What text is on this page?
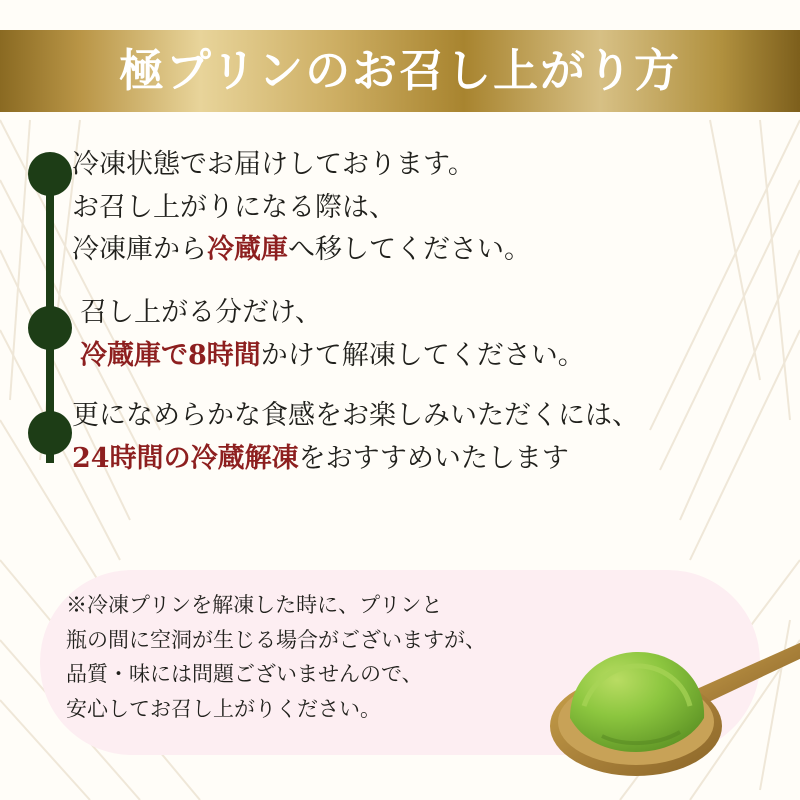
極プリンのお召し上がり方
冷凍状態でお届けしております。
お召し上がりになる際は、
冷凍庫から冷蔵庫へ移してください。
召し上がる分だけ、
冷蔵庫で8時間かけて解凍してください。
更になめらかな食感をお楽しみいただくには、
24時間の冷蔵解凍をおすすめいたします
※冷凍プリンを解凍した時に、プリンと
瓶の間に空洞が生じる場合がございますが、
品質・味には問題ございませんので、
安心してお召し上がりください。
